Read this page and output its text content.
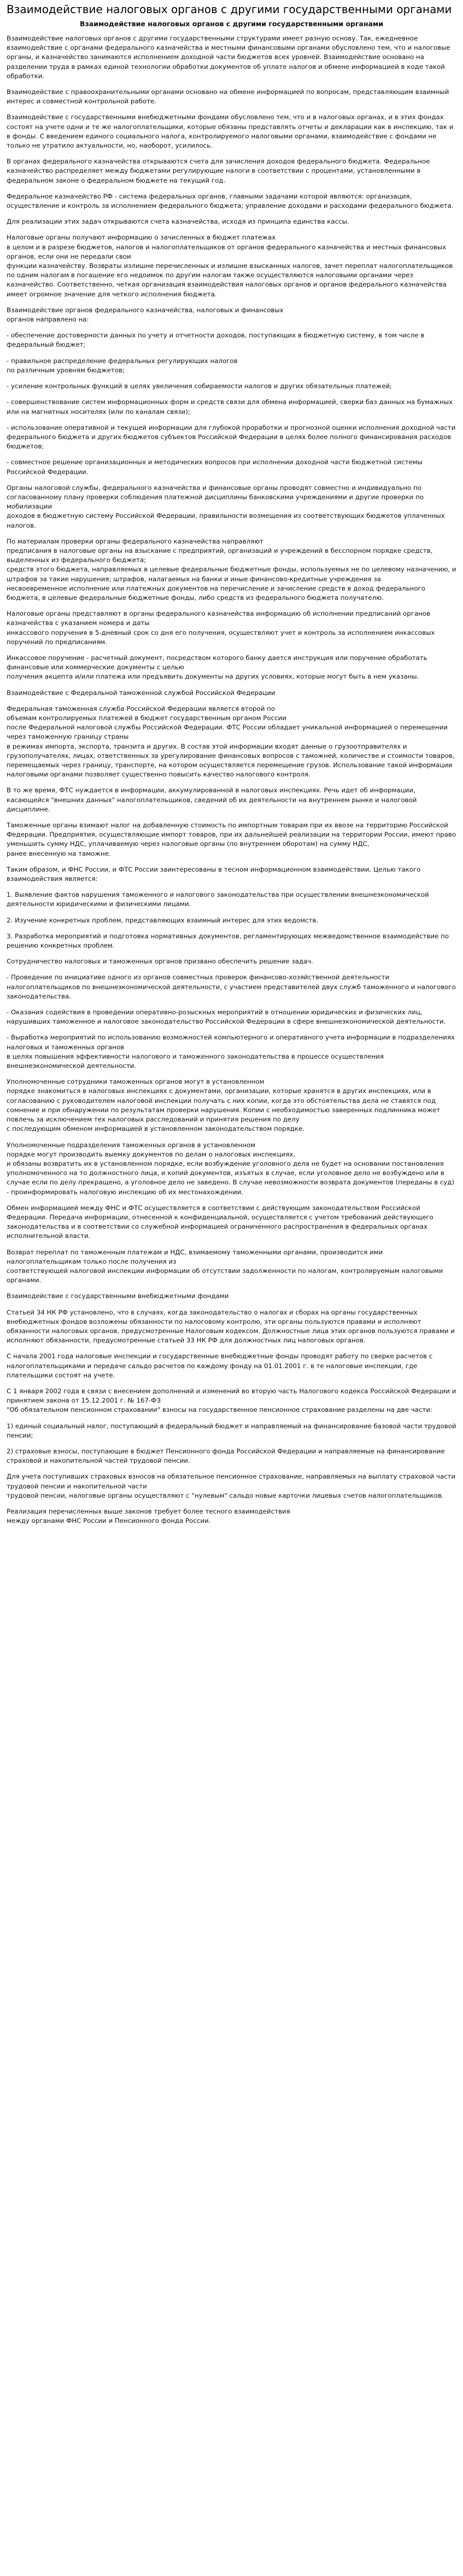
Взаимодействие налоговых органов с другими государственными органами
Взаимодействие налоговых органов с другими государственными органами

Взаимодействие налоговых органов с другими государственными структурами имеет разную основу. Так, ежедневное взаимодействие с органами федерального казначейства и местными финансовыми органами обусловлено тем, что и налоговые органы, и казначейство занимаются исполнением доходной части бюджетов всех уровней. Взаимодействие основано на разделении труда в рамках единой технологии обработки документов об уплате налогов и обмене информацией в коде такой обработки.

Взаимодействие с правоохранительными органами основано на обмене информацией по вопросам, представляющим взаимный интерес и совместной контрольной работе.

Взаимодействие с государственными внебюджетными фондами обусловлено тем, что и в налоговых органах, и в этих фондах состоят на учете одни и те же налогоплательщики, которые обязаны представлять отчеты и декларации как в инспекцию, так и в фонды. С введением единого социального налога, контролируемого налоговыми органами, взаимодействие с фондами не только не утратило актуальности, но, наоборот, усилилось.

В органах федерального казначейства открываются счета для зачисления доходов федерального бюджета. Федеральное казначейство распределяет между бюджетами регулирующие налоги в соответствии с процентами, установленными в федеральном законе о федеральном бюджете на текущий год.

Федеральное казначейство РФ - система федеральных органов, главными задачами которой являются: организация, осуществление и контроль за исполнением федерального бюджета; управление доходами и расходами федерального бюджета.

Для реализации этих задач открываются счета казначейства, исходя из принципа единства кассы.

Налоговые органы получают информацию о зачисленных в бюджет платежах
в целом и в разрезе бюджетов, налогов и налогоплательщиков от органов федерального казначейства и местных финансовых органов, если они не передали свои
функции казначейству. Возвраты излишне перечисленных и излишне взысканных налогов, зачет переплат налогоплательщиков по одним налогам в погашение его недоимок по другим налогам также осуществляются налоговыми органами через казначейство. Соответственно, четкая организация взаимодействия налоговых органов и органов федерального казначейства имеет огромное значение для четкого исполнения бюджета.

Взаимодействие органов федерального казначейства, налоговых и финансовых
органов направлено на:

- обеспечение достоверности данных по учету и отчетности доходов, поступающих в бюджетную систему, в том числе в федеральный бюджет;

- правильное распределение федеральных регулирующих налогов
по различным уровням бюджетов;

- усиление контрольных функций в целях увеличения собираемости налогов и других обязательных платежей;

- совершенствование систем информационных форм и средств связи для обмена информацией, сверки баз данных на бумажных или на магнитных носителях (или по каналам связи);

- использование оперативной и текущей информации для глубокой проработки и прогнозной оценки исполнения доходной части федерального бюджета и других бюджетов субъектов Российской Федерации в целях более полного финансирования расходов бюджетов;

- совместное решение организационных и методических вопросов при исполнении доходной части бюджетной системы Российской Федерации.

Органы налоговой службы, федерального казначейства и финансовые органы проводят совместно и индивидуально по согласованному плану проверки соблюдения платежной дисциплины банковскими учреждениями и другие проверки по мобилизации
доходов в бюджетную систему Российской Федерации, правильности возмещения из соответствующих бюджетов уплаченных налогов.

По материалам проверки органы федерального казначейства направляют
предписания в налоговые органы на взыскание с предприятий, организаций и учреждений в бесспорном порядке средств, выделенных из федерального бюджета;
средств этого бюджета, направляемых в целевые федеральные бюджетные фонды, используемых не по целевому назначению, и штрафов за такие нарушения; штрафов, налагаемых на банки и иные финансово-кредитные учреждения за
несвоевременное исполнение или платежных документов на перечисление и зачисление средств в доход федерального бюджета, в целевые федеральные бюджетные фонды, либо средств из федерального бюджета получателю.

Налоговые органы представляют в органы федерального казначейства информацию об исполнении предписаний органов казначейства с указанием номера и даты
инкассового поручения в 5-дневный срок со дня его получения, осуществляют учет и контроль за исполнением инкассовых поручений по предписаниям.

Инкассовое поручение - расчетный документ, посредством которого банку дается инструкция или поручение обработать финансовые или коммерческие документы с целью
получения акцепта и/или платежа или предъявить документы на других условиях, которые могут быть в нем указаны.

Взаимодействие с Федеральной таможенной службой Российской Федерации

Федеральная таможенная служба Российской Федерации является второй по
объемам контролируемых платежей в бюджет государственным органом России
после Федеральной налоговой службы Российской Федерации. ФТС России обладает уникальной информацией о перемещении через таможенную границу страны
в режимах импорта, экспорта, транзита и других. В состав этой информации входят данные о грузоотправителях и грузополучателях, лицах, ответственных за урегулирование финансовых вопросов с таможней, количестве и стоимости товаров, перемещаемых через границу, транспорте, на котором осуществляется перемещение грузов. Использование такой информации налоговыми органами позволяет существенно повысить качество налогового контроля.

В то же время, ФТС нуждается в информации, аккумулированной в налоговых инспекциях. Речь идет об информации, касающейся "внешних данных" налогоплательщиков, сведений об их деятельности на внутреннем рынке и налоговой дисциплине.

Таможенные органы взимают налог на добавленную стоимость по импортным товарам при их ввозе на территорию Российской Федерации. Предприятия, осуществляющие импорт товаров, при их дальнейшей реализации на территории России, имеют право уменьшить сумму НДС, уплачиваемую через налоговые органы (по внутреннем оборотам) на сумму НДС,
ранее внесенную на таможне.

Таким образом, и ФНС России, и ФТС России заинтересованы в тесном информационном взаимодействии. Целью такого взаимодействия является:

1. Выявление фактов нарушения таможенного и налогового законодательства при осуществлении внешнеэкономической деятельности юридическими и физическими лицами.

2. Изучение конкретных проблем, представляющих взаимный интерес для этих ведомств.

3. Разработка мероприятий и подготовка нормативных документов, регламентирующих межведомственное взаимодействие по решению конкретных проблем.

Сотрудничество налоговых и таможенных органов призвано обеспечить решение задач.

- Проведение по инициативе одного из органов совместных проверок финансово-хозяйственной деятельности налогоплательщиков по внешнеэкономической деятельности, с участием представителей двух служб таможенного и налогового законодательства.

- Оказания содействия в проведении оперативно-розыскных мероприятий в отношении юридических и физических лиц, нарушивших таможенное и налоговое законодательство Российской Федерации в сфере внешнеэкономической деятельности.

- Выработка мероприятий по использованию возможностей компьютерного и оперативного учета информации в подразделениях налоговых и таможенных органов
в целях повышения эффективности налогового и таможенного законодательства в процессе осуществления внешнеэкономической деятельности.

Уполномоченные сотрудники таможенных органов могут в установленном
порядке знакомиться в налоговых инспекциях с документами, организации, которые хранятся в других инспекциях, или в согласованию с руководителем налоговой инспекции получать с них копии, когда это обстоятельства дела не ставятся под сомнение и при обнаружении по результатам проверки нарушения. Копии с необходимостью заверенных подлинника может повлечь за исключением тех налоговых расследований и принятия решения по делу
с последующим обменом информацией в установленном законодательством порядке.

Уполномоченные подразделения таможенных органов в установленном
порядке могут производить выемку документов по делам о налоговых инспекциях,
и обязаны возвратить их в установленном порядке, если возбуждение уголовного дела не будет на основании постановления уполномоченного на то должностного лица, и копий документов, изъятых в случае, если уголовное дело не возбуждено или в случае если по делу прекращено, а уголовное дело не заведено. В случае невозможности возврата документов (переданы в суд) - проинформировать налоговую инспекцию об их местонахождении.

Обмен информацией между ФНС и ФТС осуществляется в соответствии с действующим законодательством Российской Федерации. Передача информации, отнесенной к конфиденциальной, осуществляется с учетом требований действующего законодательства и в соответствии со служебной информацией ограниченного распространения в федеральных органах исполнительной власти.

Возврат переплат по таможенным платежам и НДС, взимаемому таможенными органами, производится ими налогоплательщикам только после получения из
соответствующей налоговой инспекции информации об отсутствии задолженности по налогам, контролируемым налоговыми органами.

Взаимодействие с государственными внебюджетными фондами

Статьей 34 НК РФ установлено, что в случаях, когда законодательство о налогах и сборах на органы государственных внебюджетных фондов возложены обязанности по налоговому контролю, эти органы пользуются правами и исполняют обязанности налоговых органов, предусмотренные Налоговым кодексом. Должностные лица этих органов пользуются правами и исполняют обязанности, предусмотренные статьей 33 НК РФ для должностных лиц налоговых органов.

С начала 2001 года налоговые инспекции и государственные внебюджетные фонды проводят работу по сверке расчетов с налогоплательщиками и передаче сальдо расчетов по каждому фонду на 01.01.2001 г. в те налоговые инспекции, где плательщики состоят на учете.

С 1 января 2002 года в связи с внесением дополнений и изменений во вторую часть Налогового кодекса Российской Федерации и принятием закона от 15.12.2001 г. № 167-ФЗ
"Об обязательном пенсионном страховании" взносы на государственное пенсионное страхование разделены на две части:

1) единый социальный налог, поступающий в федеральный бюджет и направляемый на финансирование базовой части трудовой пенсии;

2) страховые взносы, поступающие в бюджет Пенсионного фонда Российской Федерации и направляемые на финансирование страховой и накопительной частей трудовой пенсии.

Для учета поступивших страховых взносов на обязательное пенсионное страхование, направляемых на выплату страховой части трудовой пенсии и накопительной части
трудовой пенсии, налоговые органы осуществляют с "нулевым" сальдо новые карточки лицевых счетов налогоплательщиков.

Реализация перечисленных выше законов требует более тесного взаимодействия
между органами ФНС России и Пенсионного фонда России.
